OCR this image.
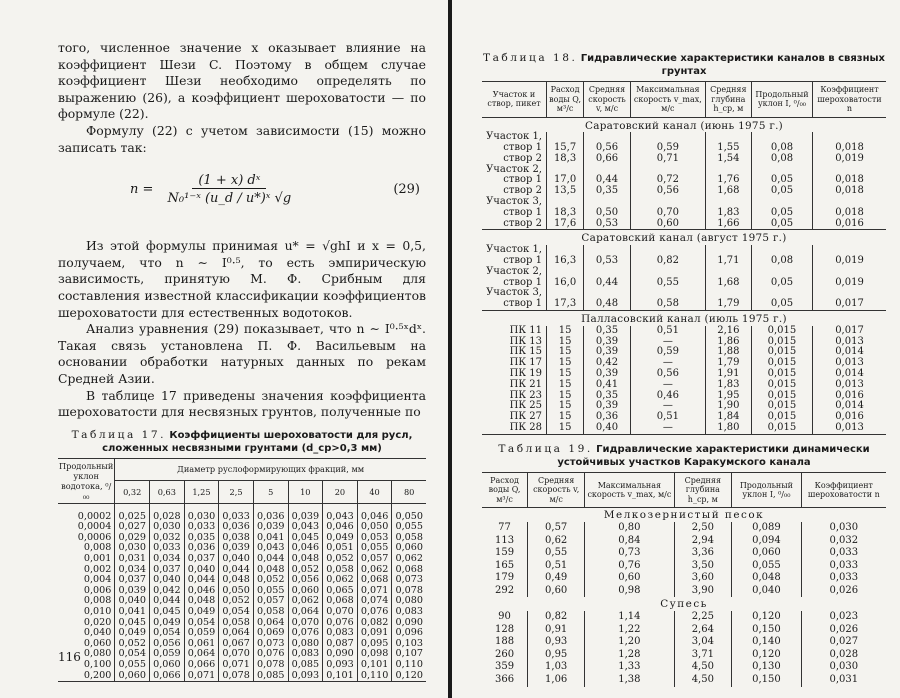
того, численное значение x оказывает влияние на коэффициент Шези C. Поэтому в общем случае коэффициент Шези необходимо определять по выражению (26), а коэффициент шероховатости — по формуле (22).

Формулу (22) с учетом зависимости (15) можно записать так:

$n = \frac{\text{(1 + x) dˣ}}{\text{N₀¹⁻ˣ (u\_d / u*)ˣ √g}}$	(29)

Из этой формулы принимая u* = √ghI и x = 0,5, получаем, что n ∼ I⁰·⁵, то есть эмпирическую зависимость, принятую М. Ф. Срибным для составления известной классификации коэффициентов шероховатости для естественных водотоков.

Анализ уравнения (29) показывает, что n ∼ I⁰·⁵ˣdˣ. Такая связь установлена П. Ф. Васильевым на основании обработки натурных данных по рекам Средней Азии.

В таблице 17 приведены значения коэффициента шероховатости для несвязных грунтов, полученные по

Таблица 17. Коэффициенты шероховатости для русл, сложенных несвязными грунтами (d_ср>0,3 мм)
Продольный уклон водотока, ⁰/₀₀	Диаметр руслоформирующих фракций, мм								
	0,32	0,63	1,25	2,5	5	10	20	40	80
0,0002	0,025	0,028	0,030	0,033	0,036	0,039	0,043	0,046	0,050
0,0004	0,027	0,030	0,033	0,036	0,039	0,043	0,046	0,050	0,055
0,0006	0,029	0,032	0,035	0,038	0,041	0,045	0,049	0,053	0,058
0,008	0,030	0,033	0,036	0,039	0,043	0,046	0,051	0,055	0,060
0,001	0,031	0,034	0,037	0,040	0,044	0,048	0,052	0,057	0,062
0,002	0,034	0,037	0,040	0,044	0,048	0,052	0,058	0,062	0,068
0,004	0,037	0,040	0,044	0,048	0,052	0,056	0,062	0,068	0,073
0,006	0,039	0,042	0,046	0,050	0,055	0,060	0,065	0,071	0,078
0,008	0,040	0,044	0,048	0,052	0,057	0,062	0,068	0,074	0,080
0,010	0,041	0,045	0,049	0,054	0,058	0,064	0,070	0,076	0,083
0,020	0,045	0,049	0,054	0,058	0,064	0,070	0,076	0,082	0,090
0,040	0,049	0,054	0,059	0,064	0,069	0,076	0,083	0,091	0,096
0,060	0,052	0,056	0,061	0,067	0,073	0,080	0,087	0,095	0,103
0,080	0,054	0,059	0,064	0,070	0,076	0,083	0,090	0,098	0,107
0,100	0,055	0,060	0,066	0,071	0,078	0,085	0,093	0,101	0,110
0,200	0,060	0,066	0,071	0,078	0,085	0,093	0,101	0,110	0,120
116
Таблица 18. Гидравлические характеристики каналов в связных грунтах
Участок и створ, пикет	Расход воды Q, м³/с	Средняя скорость v, м/с	Максимальная скорость v_max, м/с	Средняя глубина h_ср, м	Продольный уклон I, ⁰/₀₀	Коэффициент шероховатости n
Саратовский канал (июнь 1975 г.)						
Участок 1,						
створ 1	15,7	0,56	0,59	1,55	0,08	0,018
створ 2	18,3	0,66	0,71	1,54	0,08	0,019
Участок 2,						
створ 1	17,0	0,44	0,72	1,76	0,05	0,018
створ 2	13,5	0,35	0,56	1,68	0,05	0,018
Участок 3,						
створ 1	18,3	0,50	0,70	1,83	0,05	0,018
створ 2	17,6	0,53	0,60	1,66	0,05	0,016
Саратовский канал (август 1975 г.)						
Участок 1,						
створ 1	16,3	0,53	0,82	1,71	0,08	0,019
Участок 2,						
створ 1	16,0	0,44	0,55	1,68	0,05	0,019
Участок 3,						
створ 1	17,3	0,48	0,58	1,79	0,05	0,017
Палласовский канал (июль 1975 г.)						
ПК 11	15	0,35	0,51	2,16	0,015	0,017
ПК 13	15	0,39	—	1,86	0,015	0,013
ПК 15	15	0,39	0,59	1,88	0,015	0,014
ПК 17	15	0,42	—	1,79	0,015	0,013
ПК 19	15	0,39	0,56	1,91	0,015	0,014
ПК 21	15	0,41	—	1,83	0,015	0,013
ПК 23	15	0,35	0,46	1,95	0,015	0,016
ПК 25	15	0,39	—	1,90	0,015	0,014
ПК 27	15	0,36	0,51	1,84	0,015	0,016
ПК 28	15	0,40	—	1,80	0,015	0,013
Таблица 19. Гидравлические характеристики динамически устойчивых участков Каракумского канала
Расход воды Q, м³/с	Средняя скорость v, м/с	Максимальная скорость v_max, м/с	Средняя глубина h_ср, м	Продольный уклон I, ⁰/₀₀	Коэффициент шероховатости n
Мелкозернистый песок					
77	0,57	0,80	2,50	0,089	0,030
113	0,62	0,84	2,94	0,094	0,032
159	0,55	0,73	3,36	0,060	0,033
165	0,51	0,76	3,50	0,055	0,033
179	0,49	0,60	3,60	0,048	0,033
292	0,60	0,98	3,90	0,040	0,026
Супесь					
90	0,82	1,14	2,25	0,120	0,023
128	0,91	1,22	2,64	0,150	0,026
188	0,93	1,20	3,04	0,140	0,027
260	0,95	1,28	3,71	0,120	0,028
359	1,03	1,33	4,50	0,130	0,030
366	1,06	1,38	4,50	0,150	0,031
